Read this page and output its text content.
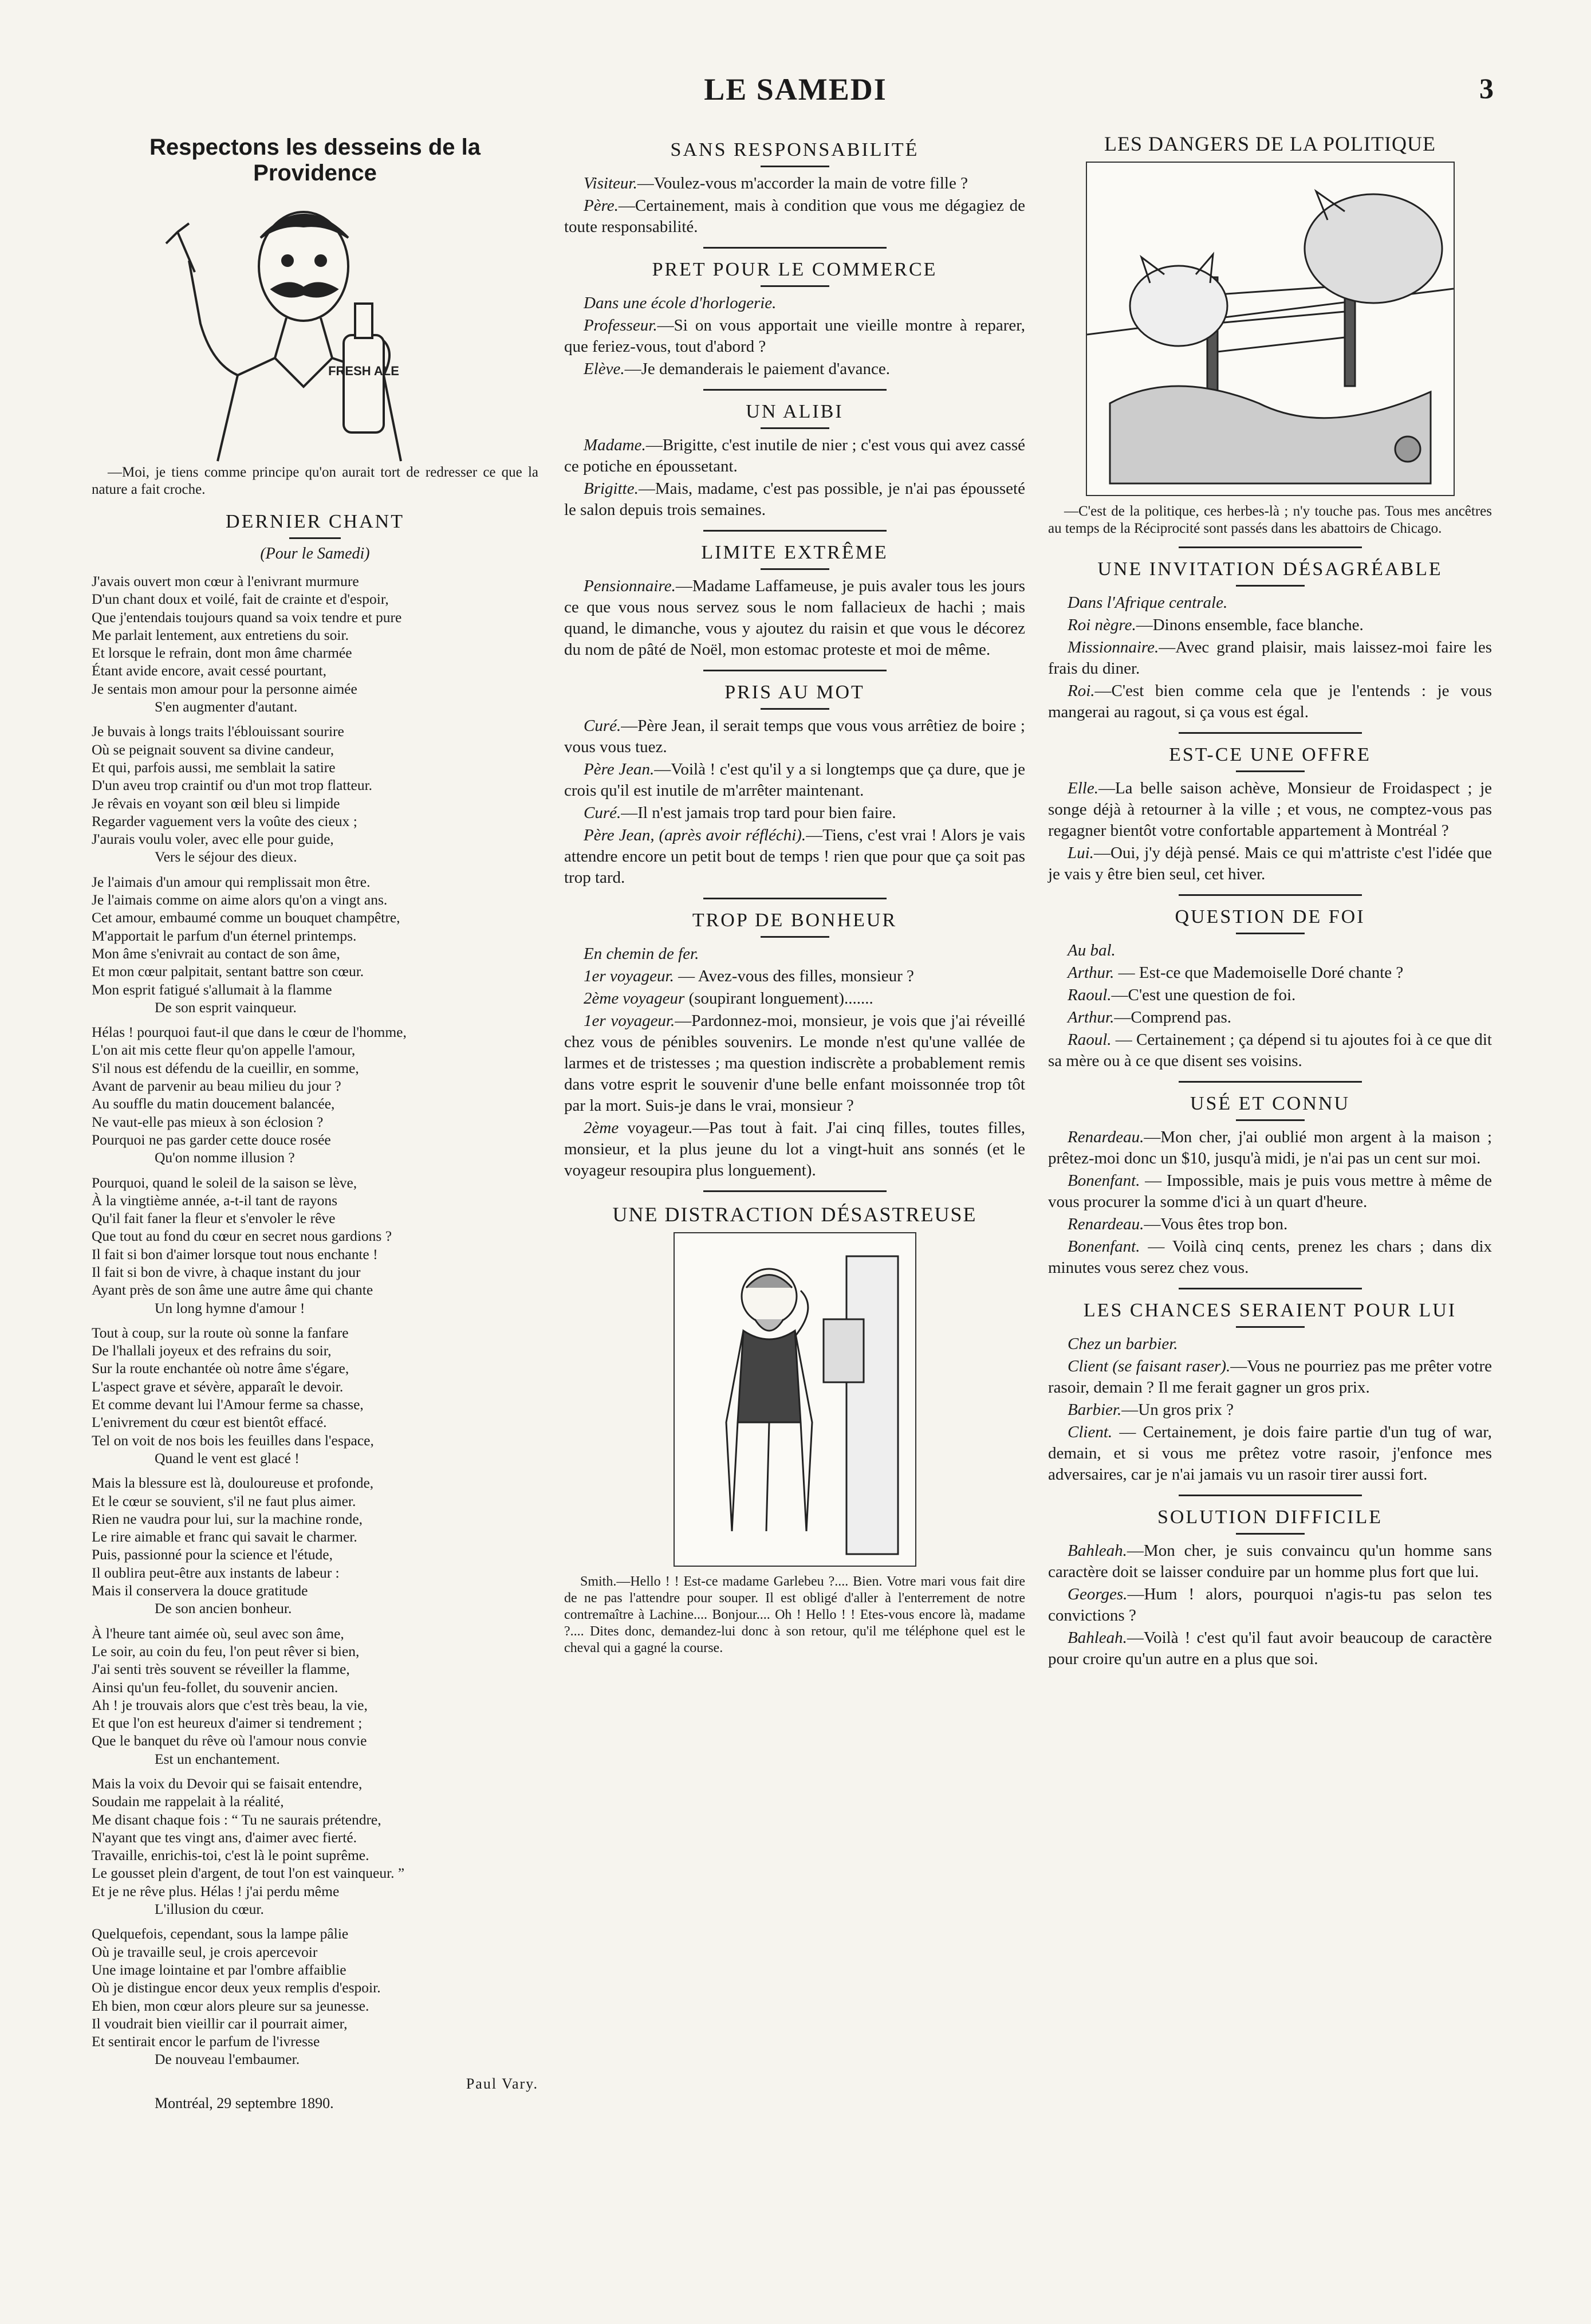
LE SAMEDI	3
Respectons les desseins de la Providence
FRESH ALE

—Moi, je tiens comme principe qu'on aurait tort de redresser ce que la nature a fait croche.

DERNIER CHANT
(Pour le Samedi)
J'avais ouvert mon cœur à l'enivrant murmure
D'un chant doux et voilé, fait de crainte et d'espoir,
Que j'entendais toujours quand sa voix tendre et pure
Me parlait lentement, aux entretiens du soir.
Et lorsque le refrain, dont mon âme charmée
Étant avide encore, avait cessé pourtant,
Je sentais mon amour pour la personne aimée
S'en augmenter d'autant.
Je buvais à longs traits l'éblouissant sourire
Où se peignait souvent sa divine candeur,
Et qui, parfois aussi, me semblait la satire
D'un aveu trop craintif ou d'un mot trop flatteur.
Je rêvais en voyant son œil bleu si limpide
Regarder vaguement vers la voûte des cieux ;
J'aurais voulu voler, avec elle pour guide,
Vers le séjour des dieux.
Je l'aimais d'un amour qui remplissait mon être.
Je l'aimais comme on aime alors qu'on a vingt ans.
Cet amour, embaumé comme un bouquet champêtre,
M'apportait le parfum d'un éternel printemps.
Mon âme s'enivrait au contact de son âme,
Et mon cœur palpitait, sentant battre son cœur.
Mon esprit fatigué s'allumait à la flamme
De son esprit vainqueur.
Hélas ! pourquoi faut-il que dans le cœur de l'homme,
L'on ait mis cette fleur qu'on appelle l'amour,
S'il nous est défendu de la cueillir, en somme,
Avant de parvenir au beau milieu du jour ?
Au souffle du matin doucement balancée,
Ne vaut-elle pas mieux à son éclosion ?
Pourquoi ne pas garder cette douce rosée
Qu'on nomme illusion ?
Pourquoi, quand le soleil de la saison se lève,
À la vingtième année, a-t-il tant de rayons
Qu'il fait faner la fleur et s'envoler le rêve
Que tout au fond du cœur en secret nous gardions ?
Il fait si bon d'aimer lorsque tout nous enchante !
Il fait si bon de vivre, à chaque instant du jour
Ayant près de son âme une autre âme qui chante
Un long hymne d'amour !
Tout à coup, sur la route où sonne la fanfare
De l'hallali joyeux et des refrains du soir,
Sur la route enchantée où notre âme s'égare,
L'aspect grave et sévère, apparaît le devoir.
Et comme devant lui l'Amour ferme sa chasse,
L'enivrement du cœur est bientôt effacé.
Tel on voit de nos bois les feuilles dans l'espace,
Quand le vent est glacé !
Mais la blessure est là, douloureuse et profonde,
Et le cœur se souvient, s'il ne faut plus aimer.
Rien ne vaudra pour lui, sur la machine ronde,
Le rire aimable et franc qui savait le charmer.
Puis, passionné pour la science et l'étude,
Il oublira peut-être aux instants de labeur :
Mais il conservera la douce gratitude
De son ancien bonheur.
À l'heure tant aimée où, seul avec son âme,
Le soir, au coin du feu, l'on peut rêver si bien,
J'ai senti très souvent se réveiller la flamme,
Ainsi qu'un feu-follet, du souvenir ancien.
Ah ! je trouvais alors que c'est très beau, la vie,
Et que l'on est heureux d'aimer si tendrement ;
Que le banquet du rêve où l'amour nous convie
Est un enchantement.
Mais la voix du Devoir qui se faisait entendre,
Soudain me rappelait à la réalité,
Me disant chaque fois : “ Tu ne saurais prétendre,
N'ayant que tes vingt ans, d'aimer avec fierté.
Travaille, enrichis-toi, c'est là le point suprême.
Le gousset plein d'argent, de tout l'on est vainqueur. ”
Et je ne rêve plus. Hélas ! j'ai perdu même
L'illusion du cœur.
Quelquefois, cependant, sous la lampe pâlie
Où je travaille seul, je crois apercevoir
Une image lointaine et par l'ombre affaiblie
Où je distingue encor deux yeux remplis d'espoir.
Eh bien, mon cœur alors pleure sur sa jeunesse.
Il voudrait bien vieillir car il pourrait aimer,
Et sentirait encor le parfum de l'ivresse
De nouveau l'embaumer.
Paul Vary.
Montréal, 29 septembre 1890.
SANS RESPONSABILITÉ

Visiteur.—Voulez-vous m'accorder la main de votre fille ?

Père.—Certainement, mais à condition que vous me dégagiez de toute responsabilité.

PRET POUR LE COMMERCE

Dans une école d'horlogerie.

Professeur.—Si on vous apportait une vieille montre à reparer, que feriez-vous, tout d'abord ?

Elève.—Je demanderais le paiement d'avance.

UN ALIBI

Madame.—Brigitte, c'est inutile de nier ; c'est vous qui avez cassé ce potiche en époussetant.

Brigitte.—Mais, madame, c'est pas possible, je n'ai pas épousseté le salon depuis trois semaines.

LIMITE EXTRÊME

Pensionnaire.—Madame Laffameuse, je puis avaler tous les jours ce que vous nous servez sous le nom fallacieux de hachi ; mais quand, le dimanche, vous y ajoutez du raisin et que vous le décorez du nom de pâté de Noël, mon estomac proteste et moi de même.

PRIS AU MOT

Curé.—Père Jean, il serait temps que vous vous arrêtiez de boire ; vous vous tuez.

Père Jean.—Voilà ! c'est qu'il y a si longtemps que ça dure, que je crois qu'il est inutile de m'arrêter maintenant.

Curé.—Il n'est jamais trop tard pour bien faire.

Père Jean, (après avoir réfléchi).—Tiens, c'est vrai ! Alors je vais attendre encore un petit bout de temps ! rien que pour que ça soit pas trop tard.

TROP DE BONHEUR

En chemin de fer.

1er voyageur. — Avez-vous des filles, monsieur ?

2ème voyageur (soupirant longuement).......

1er voyageur.—Pardonnez-moi, monsieur, je vois que j'ai réveillé chez vous de pénibles souvenirs. Le monde n'est qu'une vallée de larmes et de tristesses ; ma question indiscrète a probablement remis dans votre esprit le souvenir d'une belle enfant moissonnée trop tôt par la mort. Suis-je dans le vrai, monsieur ?

2ème voyageur.—Pas tout à fait. J'ai cinq filles, toutes filles, monsieur, et la plus jeune du lot a vingt-huit ans sonnés (et le voyageur resoupira plus longuement).

UNE DISTRACTION DÉSASTREUSE

Smith.—Hello ! ! Est-ce madame Garlebeu ?.... Bien. Votre mari vous fait dire de ne pas l'attendre pour souper. Il est obligé d'aller à l'enterrement de notre contremaître à Lachine.... Bonjour.... Oh ! Hello ! ! Etes-vous encore là, madame ?.... Dites donc, demandez-lui donc à son retour, qu'il me téléphone quel est le cheval qui a gagné la course.

LES DANGERS DE LA POLITIQUE

—C'est de la politique, ces herbes-là ; n'y touche pas. Tous mes ancêtres au temps de la Réciprocité sont passés dans les abattoirs de Chicago.

UNE INVITATION DÉSAGRÉABLE

Dans l'Afrique centrale.

Roi nègre.—Dinons ensemble, face blanche.

Missionnaire.—Avec grand plaisir, mais laissez-moi faire les frais du diner.

Roi.—C'est bien comme cela que je l'entends : je vous mangerai au ragout, si ça vous est égal.

EST-CE UNE OFFRE

Elle.—La belle saison achève, Monsieur de Froidaspect ; je songe déjà à retourner à la ville ; et vous, ne comptez-vous pas regagner bientôt votre confortable appartement à Montréal ?

Lui.—Oui, j'y déjà pensé. Mais ce qui m'attriste c'est l'idée que je vais y être bien seul, cet hiver.

QUESTION DE FOI

Au bal.

Arthur. — Est-ce que Mademoiselle Doré chante ?

Raoul.—C'est une question de foi.

Arthur.—Comprend pas.

Raoul. — Certainement ; ça dépend si tu ajoutes foi à ce que dit sa mère ou à ce que disent ses voisins.

USÉ ET CONNU

Renardeau.—Mon cher, j'ai oublié mon argent à la maison ; prêtez-moi donc un $10, jusqu'à midi, je n'ai pas un cent sur moi.

Bonenfant. — Impossible, mais je puis vous mettre à même de vous procurer la somme d'ici à un quart d'heure.

Renardeau.—Vous êtes trop bon.

Bonenfant. — Voilà cinq cents, prenez les chars ; dans dix minutes vous serez chez vous.

LES CHANCES SERAIENT POUR LUI

Chez un barbier.

Client (se faisant raser).—Vous ne pourriez pas me prêter votre rasoir, demain ? Il me ferait gagner un gros prix.

Barbier.—Un gros prix ?

Client. — Certainement, je dois faire partie d'un tug of war, demain, et si vous me prêtez votre rasoir, j'enfonce mes adversaires, car je n'ai jamais vu un rasoir tirer aussi fort.

SOLUTION DIFFICILE

Bahleah.—Mon cher, je suis convaincu qu'un homme sans caractère doit se laisser conduire par un homme plus fort que lui.

Georges.—Hum ! alors, pourquoi n'agis-tu pas selon tes convictions ?

Bahleah.—Voilà ! c'est qu'il faut avoir beaucoup de caractère pour croire qu'un autre en a plus que soi.
